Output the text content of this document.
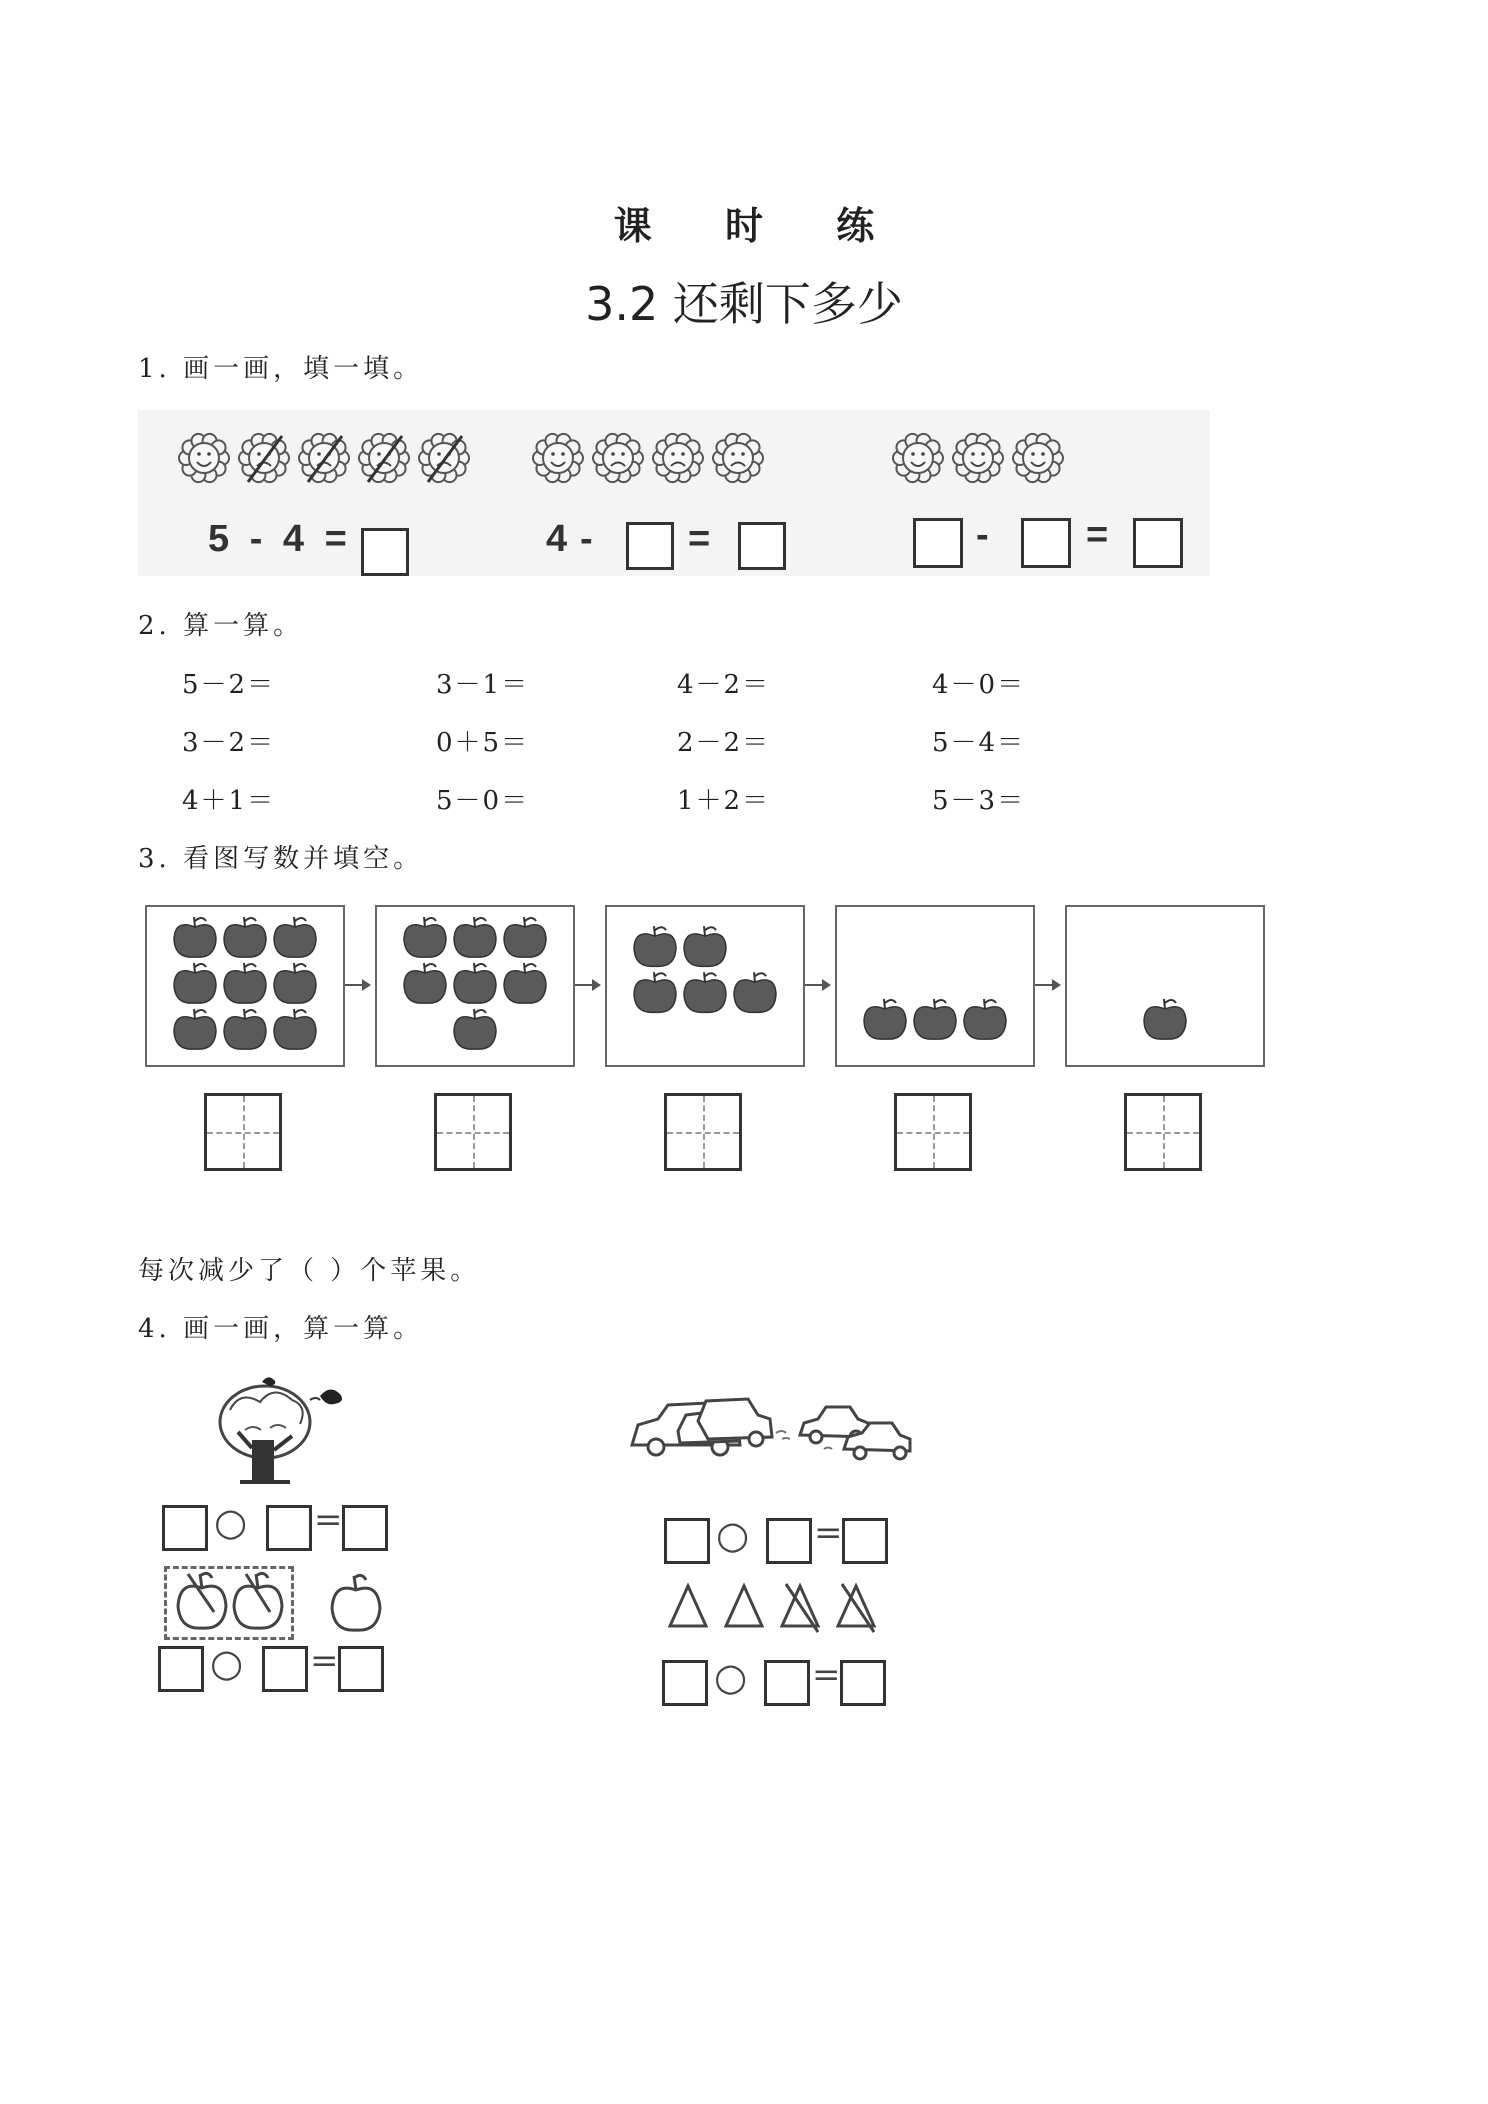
课 时 练
3.2 还剩下多少
1. 画一画，填一填。
5 - 4 =	4 -	=	-	=
2. 算一算。
5－2＝	3－1＝	4－2＝	4－0＝
3－2＝	0＋5＝	2－2＝	5－4＝
4＋1＝	5－0＝	1＋2＝	5－3＝
3. 看图写数并填空。
每次减少了（ ）个苹果。
4. 画一画，算一算。
○ =
○ =
○ =
○ =
